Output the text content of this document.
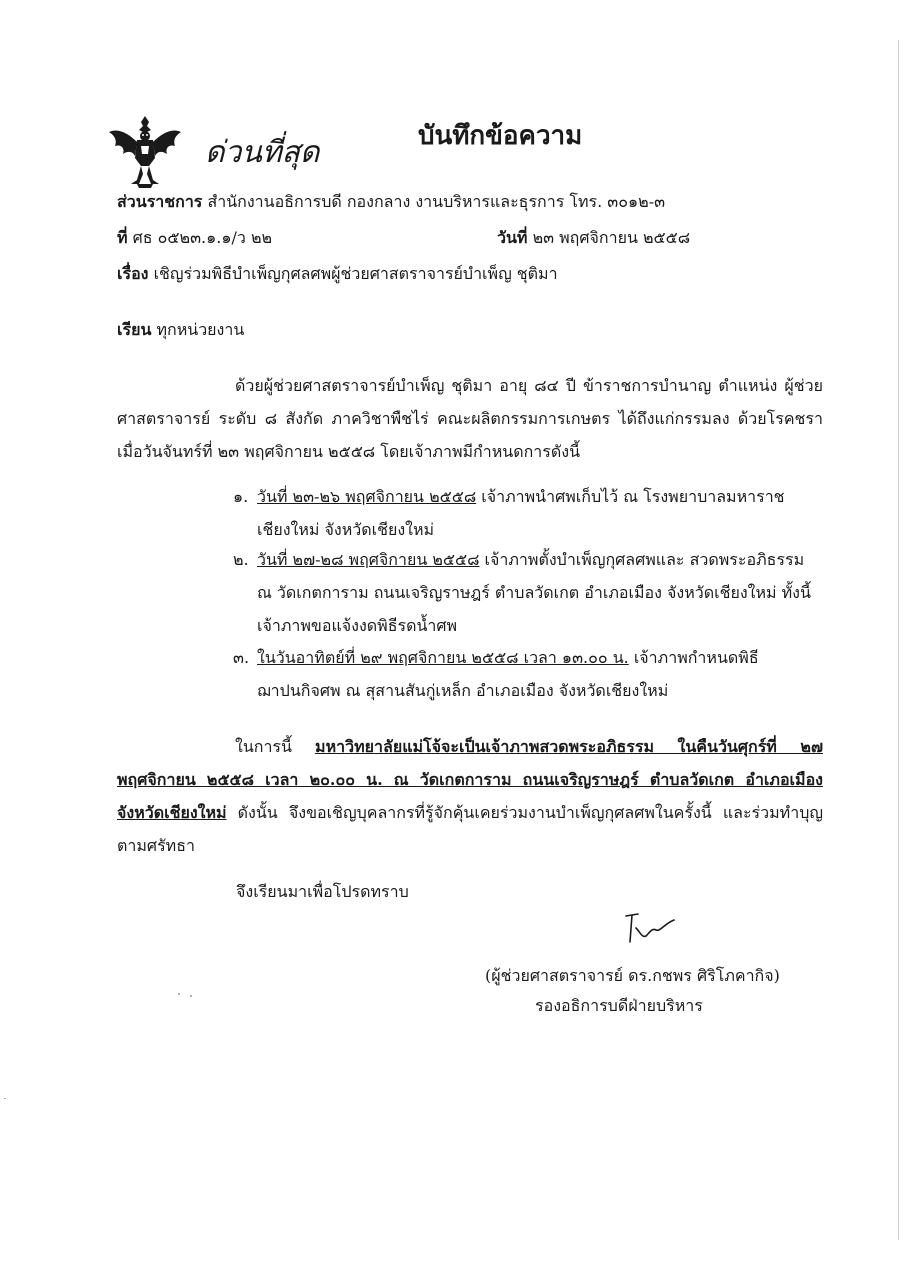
ด่วนที่สุด	บันทึกข้อความ
ส่วนราชการ สำนักงานอธิการบดี กองกลาง งานบริหารและธุรการ โทร. ๓๐๑๒-๓
ที่ ศธ ๐๕๒๓.๑.๑/ว ๒๒	วันที่ ๒๓ พฤศจิกายน ๒๕๕๘
เรื่อง เชิญร่วมพิธีบำเพ็ญกุศลศพผู้ช่วยศาสตราจารย์บำเพ็ญ ชุติมา
เรียน ทุกหน่วยงาน
ด้วยผู้ช่วยศาสตราจารย์บำเพ็ญ ชุติมา อายุ ๘๔ ปี ข้าราชการบำนาญ ตำแหน่ง ผู้ช่วยศาสตราจารย์ ระดับ ๘ สังกัด ภาควิชาพืชไร่ คณะผลิตกรรมการเกษตร ได้ถึงแก่กรรมลง ด้วยโรคชรา เมื่อวันจันทร์ที่ ๒๓ พฤศจิกายน ๒๕๕๘ โดยเจ้าภาพมีกำหนดการดังนี้
๑. วันที่ ๒๓-๒๖ พฤศจิกายน ๒๕๕๘ เจ้าภาพนำศพเก็บไว้ ณ โรงพยาบาลมหาราช เชียงใหม่ จังหวัดเชียงใหม่
๒. วันที่ ๒๗-๒๘ พฤศจิกายน ๒๕๕๘ เจ้าภาพตั้งบำเพ็ญกุศลศพและ สวดพระอภิธรรม ณ วัดเกตการาม ถนนเจริญราษฎร์ ตำบลวัดเกต อำเภอเมือง จังหวัดเชียงใหม่ ทั้งนี้ เจ้าภาพขอแจ้งงดพิธีรดน้ำศพ
๓. ในวันอาทิตย์ที่ ๒๙ พฤศจิกายน ๒๕๕๘ เวลา ๑๓.๐๐ น. เจ้าภาพกำหนดพิธี ฌาปนกิจศพ ณ สุสานสันกู่เหล็ก อำเภอเมือง จังหวัดเชียงใหม่
ในการนี้ มหาวิทยาลัยแม่โจ้จะเป็นเจ้าภาพสวดพระอภิธรรม ในคืนวันศุกร์ที่ ๒๗ พฤศจิกายน ๒๕๕๘ เวลา ๒๐.๐๐ น. ณ วัดเกตการาม ถนนเจริญราษฎร์ ตำบลวัดเกต อำเภอเมือง จังหวัดเชียงใหม่ ดังนั้น จึงขอเชิญบุคลากรที่รู้จักคุ้นเคยร่วมงานบำเพ็ญกุศลศพในครั้งนี้ และร่วมทำบุญตามศรัทธา
จึงเรียนมาเพื่อโปรดทราบ
(ผู้ช่วยศาสตราจารย์ ดร.กชพร ศิริโภคากิจ)
รองอธิการบดีฝ่ายบริหาร
